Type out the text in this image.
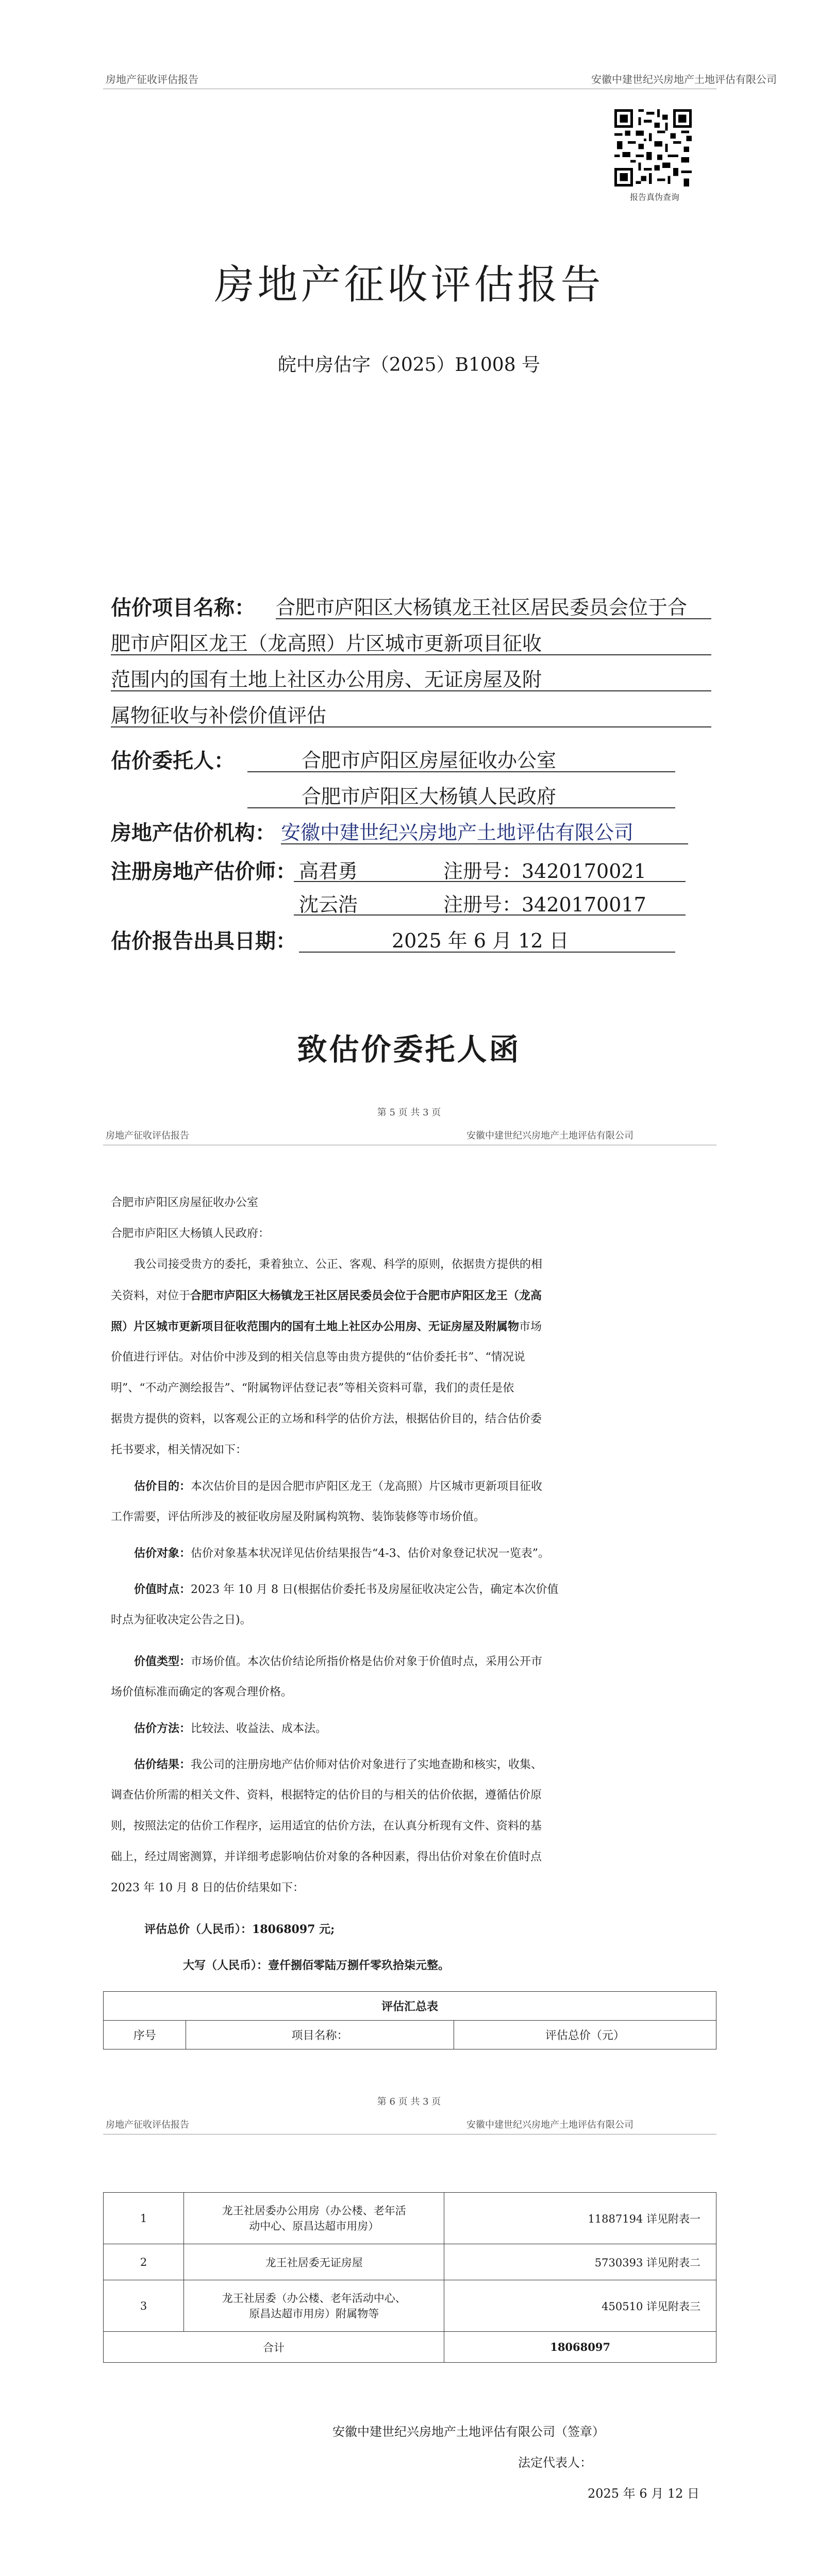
房地产征收评估报告	安徽中建世纪兴房地产土地评估有限公司
报告真伪查询
房地产征收评估报告
皖中房估字（2025）B1008 号
估价项目名称： 合肥市庐阳区大杨镇龙王社区居民委员会位于合
肥市庐阳区龙王（龙高照）片区城市更新项目征收
范围内的国有土地上社区办公用房、无证房屋及附
属物征收与补偿价值评估
估价委托人：	合肥市庐阳区房屋征收办公室
合肥市庐阳区大杨镇人民政府
房地产估价机构： 安徽中建世纪兴房地产土地评估有限公司
注册房地产估价师： 高君勇	注册号：3420170021
沈云浩	注册号：3420170017
估价报告出具日期：	2025 年 6 月 12 日
致估价委托人函
第 5 页 共 3 页
房地产征收评估报告	安徽中建世纪兴房地产土地评估有限公司
合肥市庐阳区房屋征收办公室
合肥市庐阳区大杨镇人民政府：
我公司接受贵方的委托，秉着独立、公正、客观、科学的原则，依据贵方提供的相
关资料，对位于合肥市庐阳区大杨镇龙王社区居民委员会位于合肥市庐阳区龙王（龙高
照）片区城市更新项目征收范围内的国有土地上社区办公用房、无证房屋及附属物市场
价值进行评估。对估价中涉及到的相关信息等由贵方提供的“估价委托书”、“情况说
明”、“不动产测绘报告”、“附属物评估登记表”等相关资料可靠，我们的责任是依
据贵方提供的资料，以客观公正的立场和科学的估价方法，根据估价目的，结合估价委
托书要求，相关情况如下：
估价目的：本次估价目的是因合肥市庐阳区龙王（龙高照）片区城市更新项目征收
工作需要，评估所涉及的被征收房屋及附属构筑物、装饰装修等市场价值。
估价对象：估价对象基本状况详见估价结果报告“4-3、估价对象登记状况一览表”。
价值时点：2023 年 10 月 8 日(根据估价委托书及房屋征收决定公告，确定本次价值
时点为征收决定公告之日)。
价值类型：市场价值。本次估价结论所指价格是估价对象于价值时点，采用公开市
场价值标准而确定的客观合理价格。
估价方法：比较法、收益法、成本法。
估价结果：我公司的注册房地产估价师对估价对象进行了实地查勘和核实，收集、
调查估价所需的相关文件、资料，根据特定的估价目的与相关的估价依据，遵循估价原
则，按照法定的估价工作程序，运用适宜的估价方法，在认真分析现有文件、资料的基
础上，经过周密测算，并详细考虑影响估价对象的各种因素，得出估价对象在价值时点
2023 年 10 月 8 日的估价结果如下：
评估总价（人民币）：18068097 元;
大写（人民币）：壹仟捌佰零陆万捌仟零玖拾柒元整。
评估汇总表
序号	项目名称：	评估总价（元）
第 6 页 共 3 页
房地产征收评估报告	安徽中建世纪兴房地产土地评估有限公司
1	龙王社居委办公用房（办公楼、老年活
动中心、原昌达超市用房）	11887194 详见附表一
2	龙王社居委无证房屋	5730393 详见附表二
3	龙王社居委（办公楼、老年活动中心、
原昌达超市用房）附属物等	450510 详见附表三
合计		18068097
安徽中建世纪兴房地产土地评估有限公司（签章）
法定代表人：
2025 年 6 月 12 日
